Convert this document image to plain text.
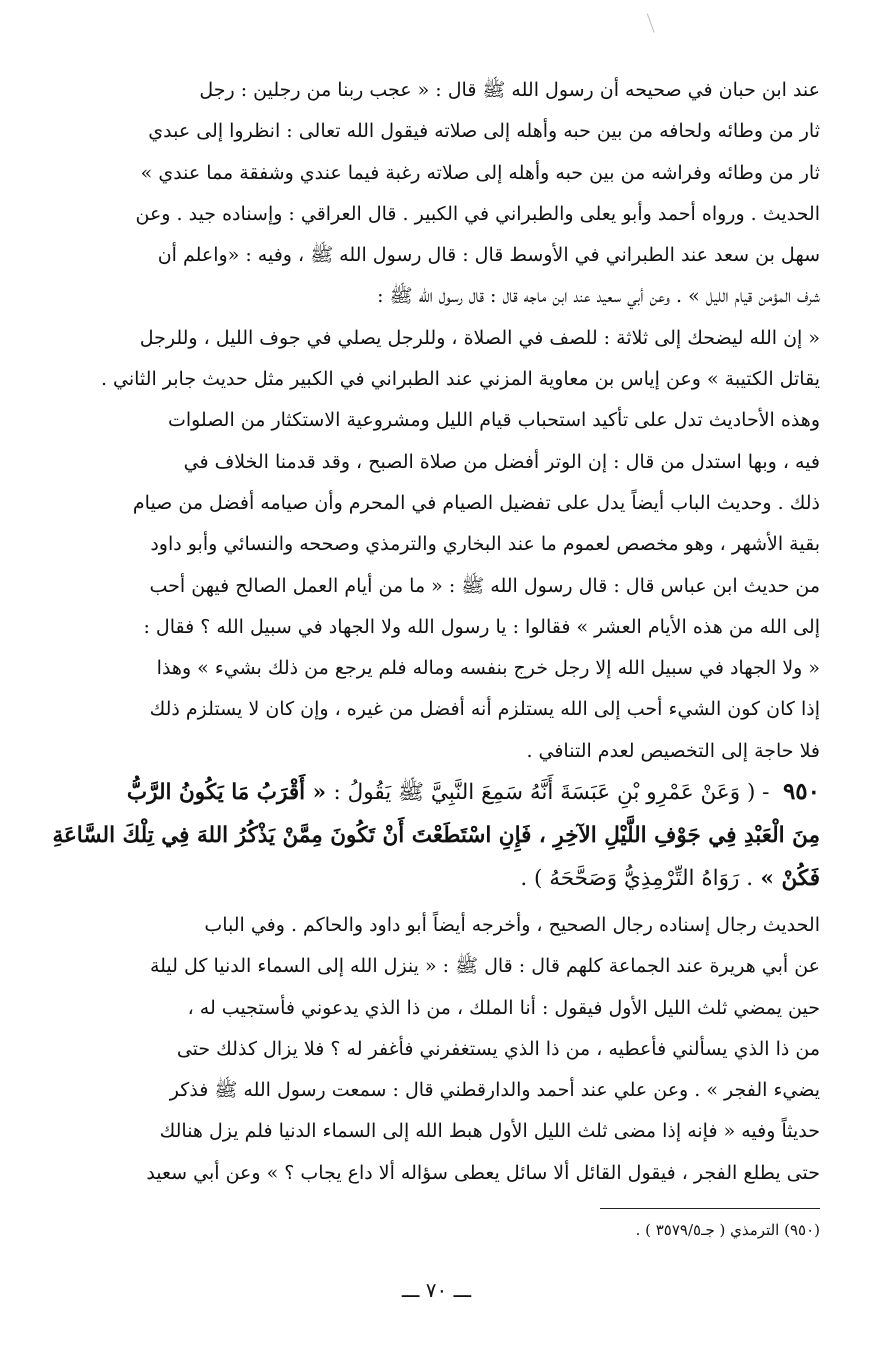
عند ابن حبان في صحيحه أن رسول الله ﷺ قال : « عجب ربنا من رجلين : رجل
ثار من وطائه ولحافه من بين حبه وأهله إلى صلاته فيقول الله تعالى : انظروا إلى عبدي
ثار من وطائه وفراشه من بين حبه وأهله إلى صلاته رغبة فيما عندي وشفقة مما عندي »
الحديث . ورواه أحمد وأبو يعلى والطبراني في الكبير . قال العراقي : وإسناده جيد . وعن
سهل بن سعد عند الطبراني في الأوسط قال : قال رسول الله ﷺ ، وفيه : «واعلم أن
شرف المؤمن قيام الليل » . وعن أبي سعيد عند ابن ماجه قال : قال رسول الله ﷺ :
« إن الله ليضحك إلى ثلاثة : للصف في الصلاة ، وللرجل يصلي في جوف الليل ، وللرجل
يقاتل الكتيبة » وعن إياس بن معاوية المزني عند الطبراني في الكبير مثل حديث جابر الثاني .
وهذه الأحاديث تدل على تأكيد استحباب قيام الليل ومشروعية الاستكثار من الصلوات
فيه ، وبها استدل من قال : إن الوتر أفضل من صلاة الصبح ، وقد قدمنا الخلاف في
ذلك . وحديث الباب أيضاً يدل على تفضيل الصيام في المحرم وأن صيامه أفضل من صيام
بقية الأشهر ، وهو مخصص لعموم ما عند البخاري والترمذي وصححه والنسائي وأبو داود
من حديث ابن عباس قال : قال رسول الله ﷺ : « ما من أيام العمل الصالح فيهن أحب
إلى الله من هذه الأيام العشر » فقالوا : يا رسول الله ولا الجهاد في سبيل الله ؟ فقال :
« ولا الجهاد في سبيل الله إلا رجل خرج بنفسه وماله فلم يرجع من ذلك بشيء » وهذا
إذا كان كون الشيء أحب إلى الله يستلزم أنه أفضل من غيره ، وإن كان لا يستلزم ذلك
فلا حاجة إلى التخصيص لعدم التنافي .
٩٥٠ - ( وَعَنْ عَمْرِو بْنِ عَبَسَةَ أَنَّهُ سَمِعَ النَّبِيَّ ﷺ يَقُولُ : « أَقْرَبُ مَا يَكُونُ الرَّبُّ
مِنَ الْعَبْدِ فِي جَوْفِ اللَّيْلِ الآخِرِ ، فَإِنِ اسْتَطَعْتَ أَنْ تَكُونَ مِمَّنْ يَذْكُرُ اللهَ فِي تِلْكَ السَّاعَةِ
فَكُنْ » . رَوَاهُ التِّرْمِذِيُّ وَصَحَّحَهُ ) .
الحديث رجال إسناده رجال الصحيح ، وأخرجه أيضاً أبو داود والحاكم . وفي الباب
عن أبي هريرة عند الجماعة كلهم قال : قال ﷺ : « ينزل الله إلى السماء الدنيا كل ليلة
حين يمضي ثلث الليل الأول فيقول : أنا الملك ، من ذا الذي يدعوني فأستجيب له ،
من ذا الذي يسألني فأعطيه ، من ذا الذي يستغفرني فأغفر له ؟ فلا يزال كذلك حتى
يضيء الفجر » . وعن علي عند أحمد والدارقطني قال : سمعت رسول الله ﷺ فذكر
حديثاً وفيه « فإنه إذا مضى ثلث الليل الأول هبط الله إلى السماء الدنيا فلم يزل هنالك
حتى يطلع الفجر ، فيقول القائل ألا سائل يعطى سؤاله ألا داع يجاب ؟ » وعن أبي سعيد
(٩٥٠) الترمذي ( جـ٣٥٧٩/٥ ) .
ـــ ٧٠ ـــ
